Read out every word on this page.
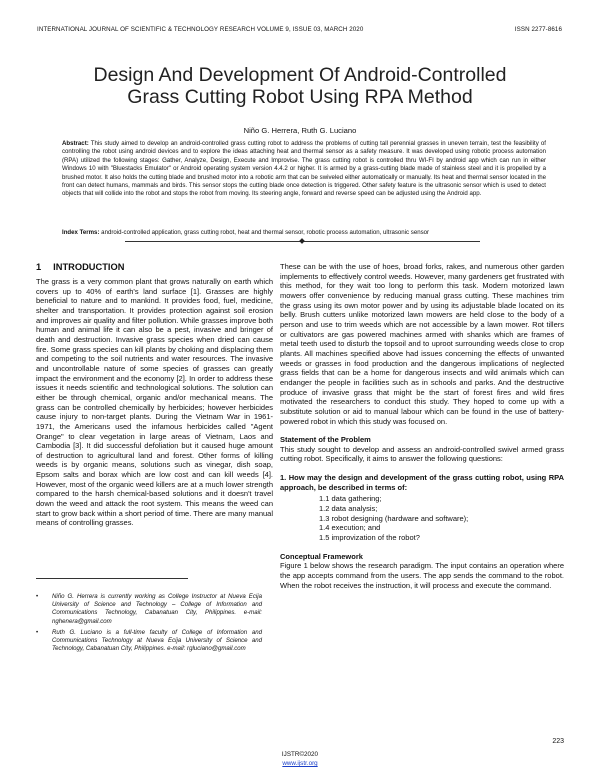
INTERNATIONAL JOURNAL OF SCIENTIFIC & TECHNOLOGY RESEARCH VOLUME 9, ISSUE 03, MARCH 2020	ISSN 2277-8616
Design And Development Of Android-Controlled
Grass Cutting Robot Using RPA Method
Niño G. Herrera, Ruth G. Luciano
Abstract: This study aimed to develop an android-controlled grass cutting robot to address the problems of cutting tall perennial grasses in uneven terrain, test the feasibility of controlling the robot using android devices and to explore the ideas attaching heat and thermal sensor as a safety measure. It was developed using robotic process automation (RPA) utilized the following stages: Gather, Analyze, Design, Execute and Improvise. The grass cutting robot is controlled thru WI-FI by android app which can run in either Windows 10 with "Bluestacks Emulator" or Android operating system version 4.4.2 or higher. It is armed by a grass-cutting blade made of stainless steel and it is propelled by a brushed motor. It also holds the cutting blade and brushed motor into a robotic arm that can be swiveled either automatically or manually. Its heat and thermal sensor located in the front can detect humans, mammals and birds. This sensor stops the cutting blade once detection is triggered. Other safety feature is the ultrasonic sensor which is used to detect objects that will collide into the robot and stops the robot from moving. Its steering angle, forward and reverse speed can be adjusted using the Android app.
Index Terms: android-controlled application, grass cutting robot, heat and thermal sensor, robotic process automation, ultrasonic sensor
1 INTRODUCTION
The grass is a very common plant that grows naturally on earth which covers up to 40% of earth's land surface [1]. Grasses are highly beneficial to nature and to mankind. It provides food, fuel, medicine, shelter and transportation. It provides protection against soil erosion and improves air quality and filter pollution. While grasses improve both human and animal life it can also be a pest, invasive and bringer of death and destruction. Invasive grass species when dried can cause fire. Some grass species can kill plants by choking and displacing them and competing to the soil nutrients and water resources. The invasive and uncontrollable nature of some species of grasses can greatly impact the environment and the economy [2]. In order to address these issues it needs scientific and technological solutions. The solution can either be through chemical, organic and/or mechanical means. The grass can be controlled chemically by herbicides; however herbicides cause injury to non-target plants. During the Vietnam War in 1961-1971, the Americans used the infamous herbicides called "Agent Orange" to clear vegetation in large areas of Vietnam, Laos and Cambodia [3]. It did successful defoliation but it caused huge amount of destruction to agricultural land and forest. Other forms of killing weeds is by organic means, solutions such as vinegar, dish soap, Epsom salts and borax which are low cost and can kill weeds [4]. However, most of the organic weed killers are at a much lower strength compared to the harsh chemical-based solutions and it doesn't travel down the weed and attack the root system. This means the weed can start to grow back within a short period of time. There are many manual means of controlling grasses.
These can be with the use of hoes, broad forks, rakes, and numerous other garden implements to effectively control weeds. However, many gardeners get frustrated with this method, for they wait too long to perform this task. Modern motorized lawn mowers offer convenience by reducing manual grass cutting. These machines trim the grass using its own motor power and by using its adjustable blade located on its belly. Brush cutters unlike motorized lawn mowers are held close to the body of a person and use to trim weeds which are not accessible by a lawn mower. Rot tillers or cultivators are gas powered machines armed with shanks which are frames of metal teeth used to disturb the topsoil and to uproot surrounding weeds close to crop plants. All machines specified above had issues concerning the effects of unwanted weeds or grasses in food production and the dangerous implications of neglected grass fields that can be a home for dangerous insects and wild animals which can endanger the people in facilities such as in schools and parks. And the destructive produce of invasive grass that might be the start of forest fires and wild fires motivated the researchers to conduct this study. They hoped to come up with a substitute solution or aid to manual labour which can be found in the use of battery-powered robot in which this study was focused on.
Statement of the Problem
This study sought to develop and assess an android-controlled swivel armed grass cutting robot. Specifically, it aims to answer the following questions:
1. How may the design and development of the grass cutting robot, using RPA approach, be described in terms of:
1.1 data gathering;
1.2 data analysis;
1.3 robot designing (hardware and software);
1.4 execution; and
1.5 improvization of the robot?
Conceptual Framework
Figure 1 below shows the research paradigm. The input contains an operation where the app accepts command from the users. The app sends the command to the robot. When the robot receives the instruction, it will process and execute the command.
•	Niño G. Herrera is currently working as College Instructor at Nueva Ecija University of Science and Technology – College of Information and Communications Technology, Cabanatuan City, Philippines. e-mail: nghenera@gmail.com
•	Ruth G. Luciano is a full-time faculty of College of Information and Communications Technology at Nueva Ecija University of Science and Technology, Cabanatuan City, Philippines. e-mail: rgluciano@gmail.com
223
IJSTR©2020
www.ijstr.org
